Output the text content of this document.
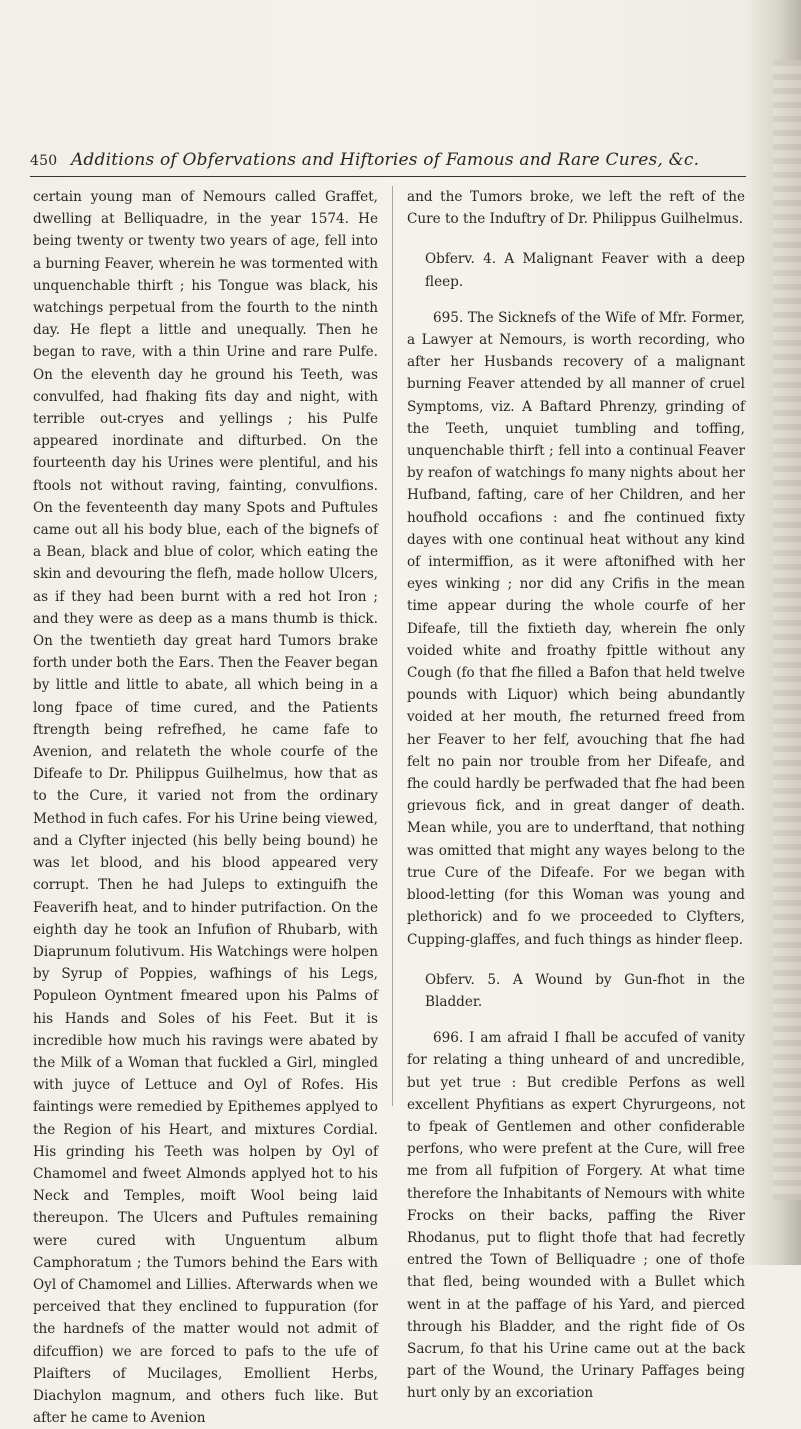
450 Additions of Obfervations and Hiftories of Famous and Rare Cures, &c.

certain young man of Nemours called Graffet, dwelling at Belliquadre, in the year 1574. He being twenty or twenty two years of age, fell into a burning Feaver, wherein he was tormented with unquenchable thirft ; his Tongue was black, his watchings perpetual from the fourth to the ninth day. He flept a little and unequally. Then he began to rave, with a thin Urine and rare Pulfe. On the eleventh day he ground his Teeth, was convulfed, had fhaking fits day and night, with terrible out-cryes and yellings ; his Pulfe appeared inordinate and difturbed. On the fourteenth day his Urines were plentiful, and his ftools not without raving, fainting, convulfions. On the feventeenth day many Spots and Puftules came out all his body blue, each of the bignefs of a Bean, black and blue of color, which eating the skin and devouring the flefh, made hollow Ulcers, as if they had been burnt with a red hot Iron ; and they were as deep as a mans thumb is thick. On the twentieth day great hard Tumors brake forth under both the Ears. Then the Feaver began by little and little to abate, all which being in a long fpace of time cured, and the Patients ftrength being refrefhed, he came fafe to Avenion, and relateth the whole courfe of the Difeafe to Dr. Philippus Guilhelmus, how that as to the Cure, it varied not from the ordinary Method in fuch cafes. For his Urine being viewed, and a Clyfter injected (his belly being bound) he was let blood, and his blood appeared very corrupt. Then he had Juleps to extinguifh the Feaverifh heat, and to hinder putrifaction. On the eighth day he took an Infufion of Rhubarb, with Diaprunum folutivum. His Watchings were holpen by Syrup of Poppies, wafhings of his Legs, Populeon Oyntment fmeared upon his Palms of his Hands and Soles of his Feet. But it is incredible how much his ravings were abated by the Milk of a Woman that fuckled a Girl, mingled with juyce of Lettuce and Oyl of Rofes. His faintings were remedied by Epithemes applyed to the Region of his Heart, and mixtures Cordial. His grinding his Teeth was holpen by Oyl of Chamomel and fweet Almonds applyed hot to his Neck and Temples, moift Wool being laid thereupon. The Ulcers and Puftules remaining were cured with Unguentum album Camphoratum ; the Tumors behind the Ears with Oyl of Chamomel and Lillies. Afterwards when we perceived that they enclined to fuppuration (for the hardnefs of the matter would not admit of difcuffion) we are forced to pafs to the ufe of Plaifters of Mucilages, Emollient Herbs, Diachylon magnum, and others fuch like. But after he came to Avenion

and the Tumors broke, we left the reft of the Cure to the Induftry of Dr. Philippus Guilhelmus.

Obferv. 4. A Malignant Feaver with a deep fleep.

695. The Sicknefs of the Wife of Mfr. Former, a Lawyer at Nemours, is worth recording, who after her Husbands recovery of a malignant burning Feaver attended by all manner of cruel Symptoms, viz. A Baftard Phrenzy, grinding of the Teeth, unquiet tumbling and toffing, unquenchable thirft ; fell into a continual Feaver by reafon of watchings fo many nights about her Hufband, fafting, care of her Children, and her houfhold occafions : and fhe continued fixty dayes with one continual heat without any kind of intermiffion, as it were aftonifhed with her eyes winking ; nor did any Crifis in the mean time appear during the whole courfe of her Difeafe, till the fixtieth day, wherein fhe only voided white and froathy fpittle without any Cough (fo that fhe filled a Bafon that held twelve pounds with Liquor) which being abundantly voided at her mouth, fhe returned freed from her Feaver to her felf, avouching that fhe had felt no pain nor trouble from her Difeafe, and fhe could hardly be perfwaded that fhe had been grievous fick, and in great danger of death. Mean while, you are to underftand, that nothing was omitted that might any wayes belong to the true Cure of the Difeafe. For we began with blood-letting (for this Woman was young and plethorick) and fo we proceeded to Clyfters, Cupping-glaffes, and fuch things as hinder fleep.

Obferv. 5. A Wound by Gun-fhot in the Bladder.

696. I am afraid I fhall be accufed of vanity for relating a thing unheard of and uncredible, but yet true : But credible Perfons as well excellent Phyfitians as expert Chyrurgeons, not to fpeak of Gentlemen and other confiderable perfons, who were prefent at the Cure, will free me from all fufpition of Forgery. At what time therefore the Inhabitants of Nemours with white Frocks on their backs, paffing the River Rhodanus, put to flight thofe that had fecretly entred the Town of Belliquadre ; one of thofe that fled, being wounded with a Bullet which went in at the paffage of his Yard, and pierced through his Bladder, and the right fide of Os Sacrum, fo that his Urine came out at the back part of the Wound, the Urinary Paffages being hurt only by an excoriation
